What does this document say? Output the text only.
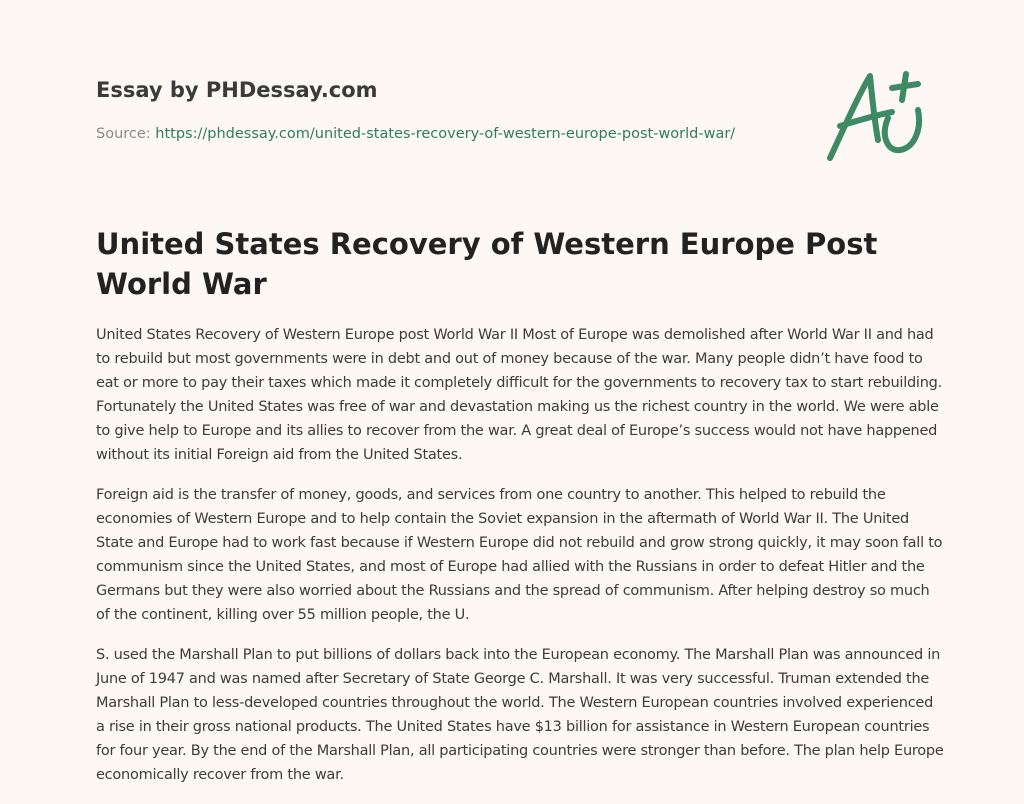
Essay by PHDessay.com
Source: https://phdessay.com/united-states-recovery-of-western-europe-post-world-war/
United States Recovery of Western Europe Post World War

United States Recovery of Western Europe post World War II Most of Europe was demolished after World War II and had to rebuild but most governments were in debt and out of money because of the war. Many people didn’t have food to eat or more to pay their taxes which made it completely difficult for the governments to recovery tax to start rebuilding. Fortunately the United States was free of war and devastation making us the richest country in the world. We were able to give help to Europe and its allies to recover from the war. A great deal of Europe’s success would not have happened without its initial Foreign aid from the United States.

Foreign aid is the transfer of money, goods, and services from one country to another. This helped to rebuild the economies of Western Europe and to help contain the Soviet expansion in the aftermath of World War II. The United State and Europe had to work fast because if Western Europe did not rebuild and grow strong quickly, it may soon fall to communism since the United States, and most of Europe had allied with the Russians in order to defeat Hitler and the Germans but they were also worried about the Russians and the spread of communism. After helping destroy so much of the continent, killing over 55 million people, the U.

S. used the Marshall Plan to put billions of dollars back into the European economy. The Marshall Plan was announced in June of 1947 and was named after Secretary of State George C. Marshall. It was very successful. Truman extended the Marshall Plan to less-developed countries throughout the world. The Western European countries involved experienced a rise in their gross national products. The United States have $13 billion for assistance in Western European countries for four year. By the end of the Marshall Plan, all participating countries were stronger than before. The plan help Europe economically recover from the war.
